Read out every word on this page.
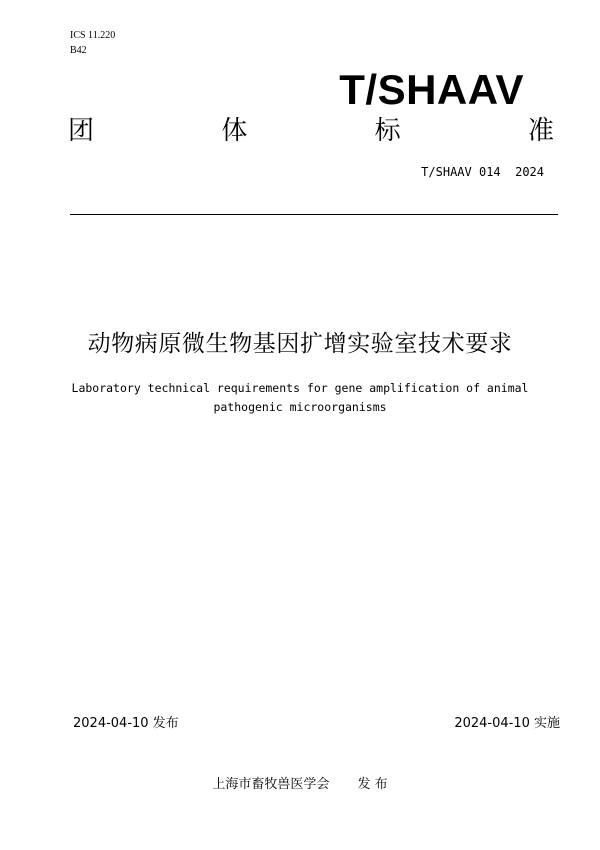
ICS 11.220
B42
T/SHAAV
团	体	标	准
T/SHAAV 014  2024
动物病原微生物基因扩增实验室技术要求
Laboratory technical requirements for gene amplification of animal
pathogenic microorganisms
2024-04-10 发布	2024-04-10 实施
上海市畜牧兽医学会 发 布
